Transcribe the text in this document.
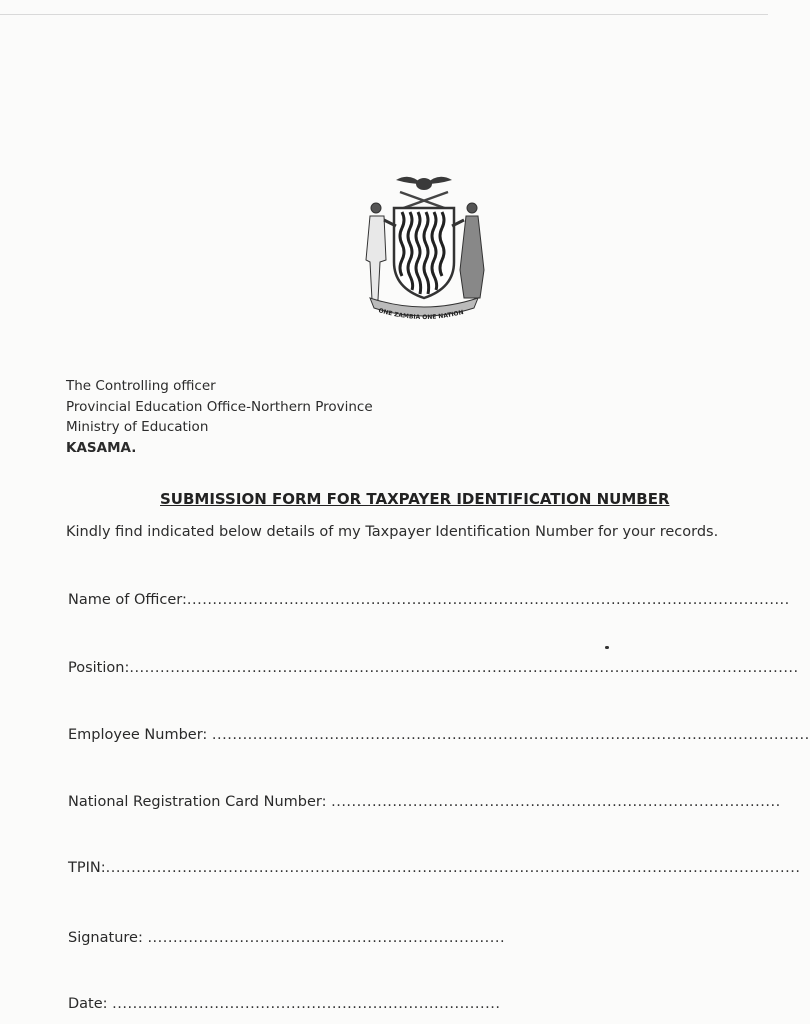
ONE ZAMBIA ONE NATION
The Controlling officer
Provincial Education Office-Northern Province
Ministry of Education
KASAMA.
SUBMISSION FORM FOR TAXPAYER IDENTIFICATION NUMBER
Kindly find indicated below details of my Taxpayer Identification Number for your records.
Name of Officer:......................................................................................................................
Position:...................................................................................................................................
Employee Number: .....................................................................................................................
National Registration Card Number: ........................................................................................
TPIN:........................................................................................................................................
Signature: ......................................................................
Date: ............................................................................
